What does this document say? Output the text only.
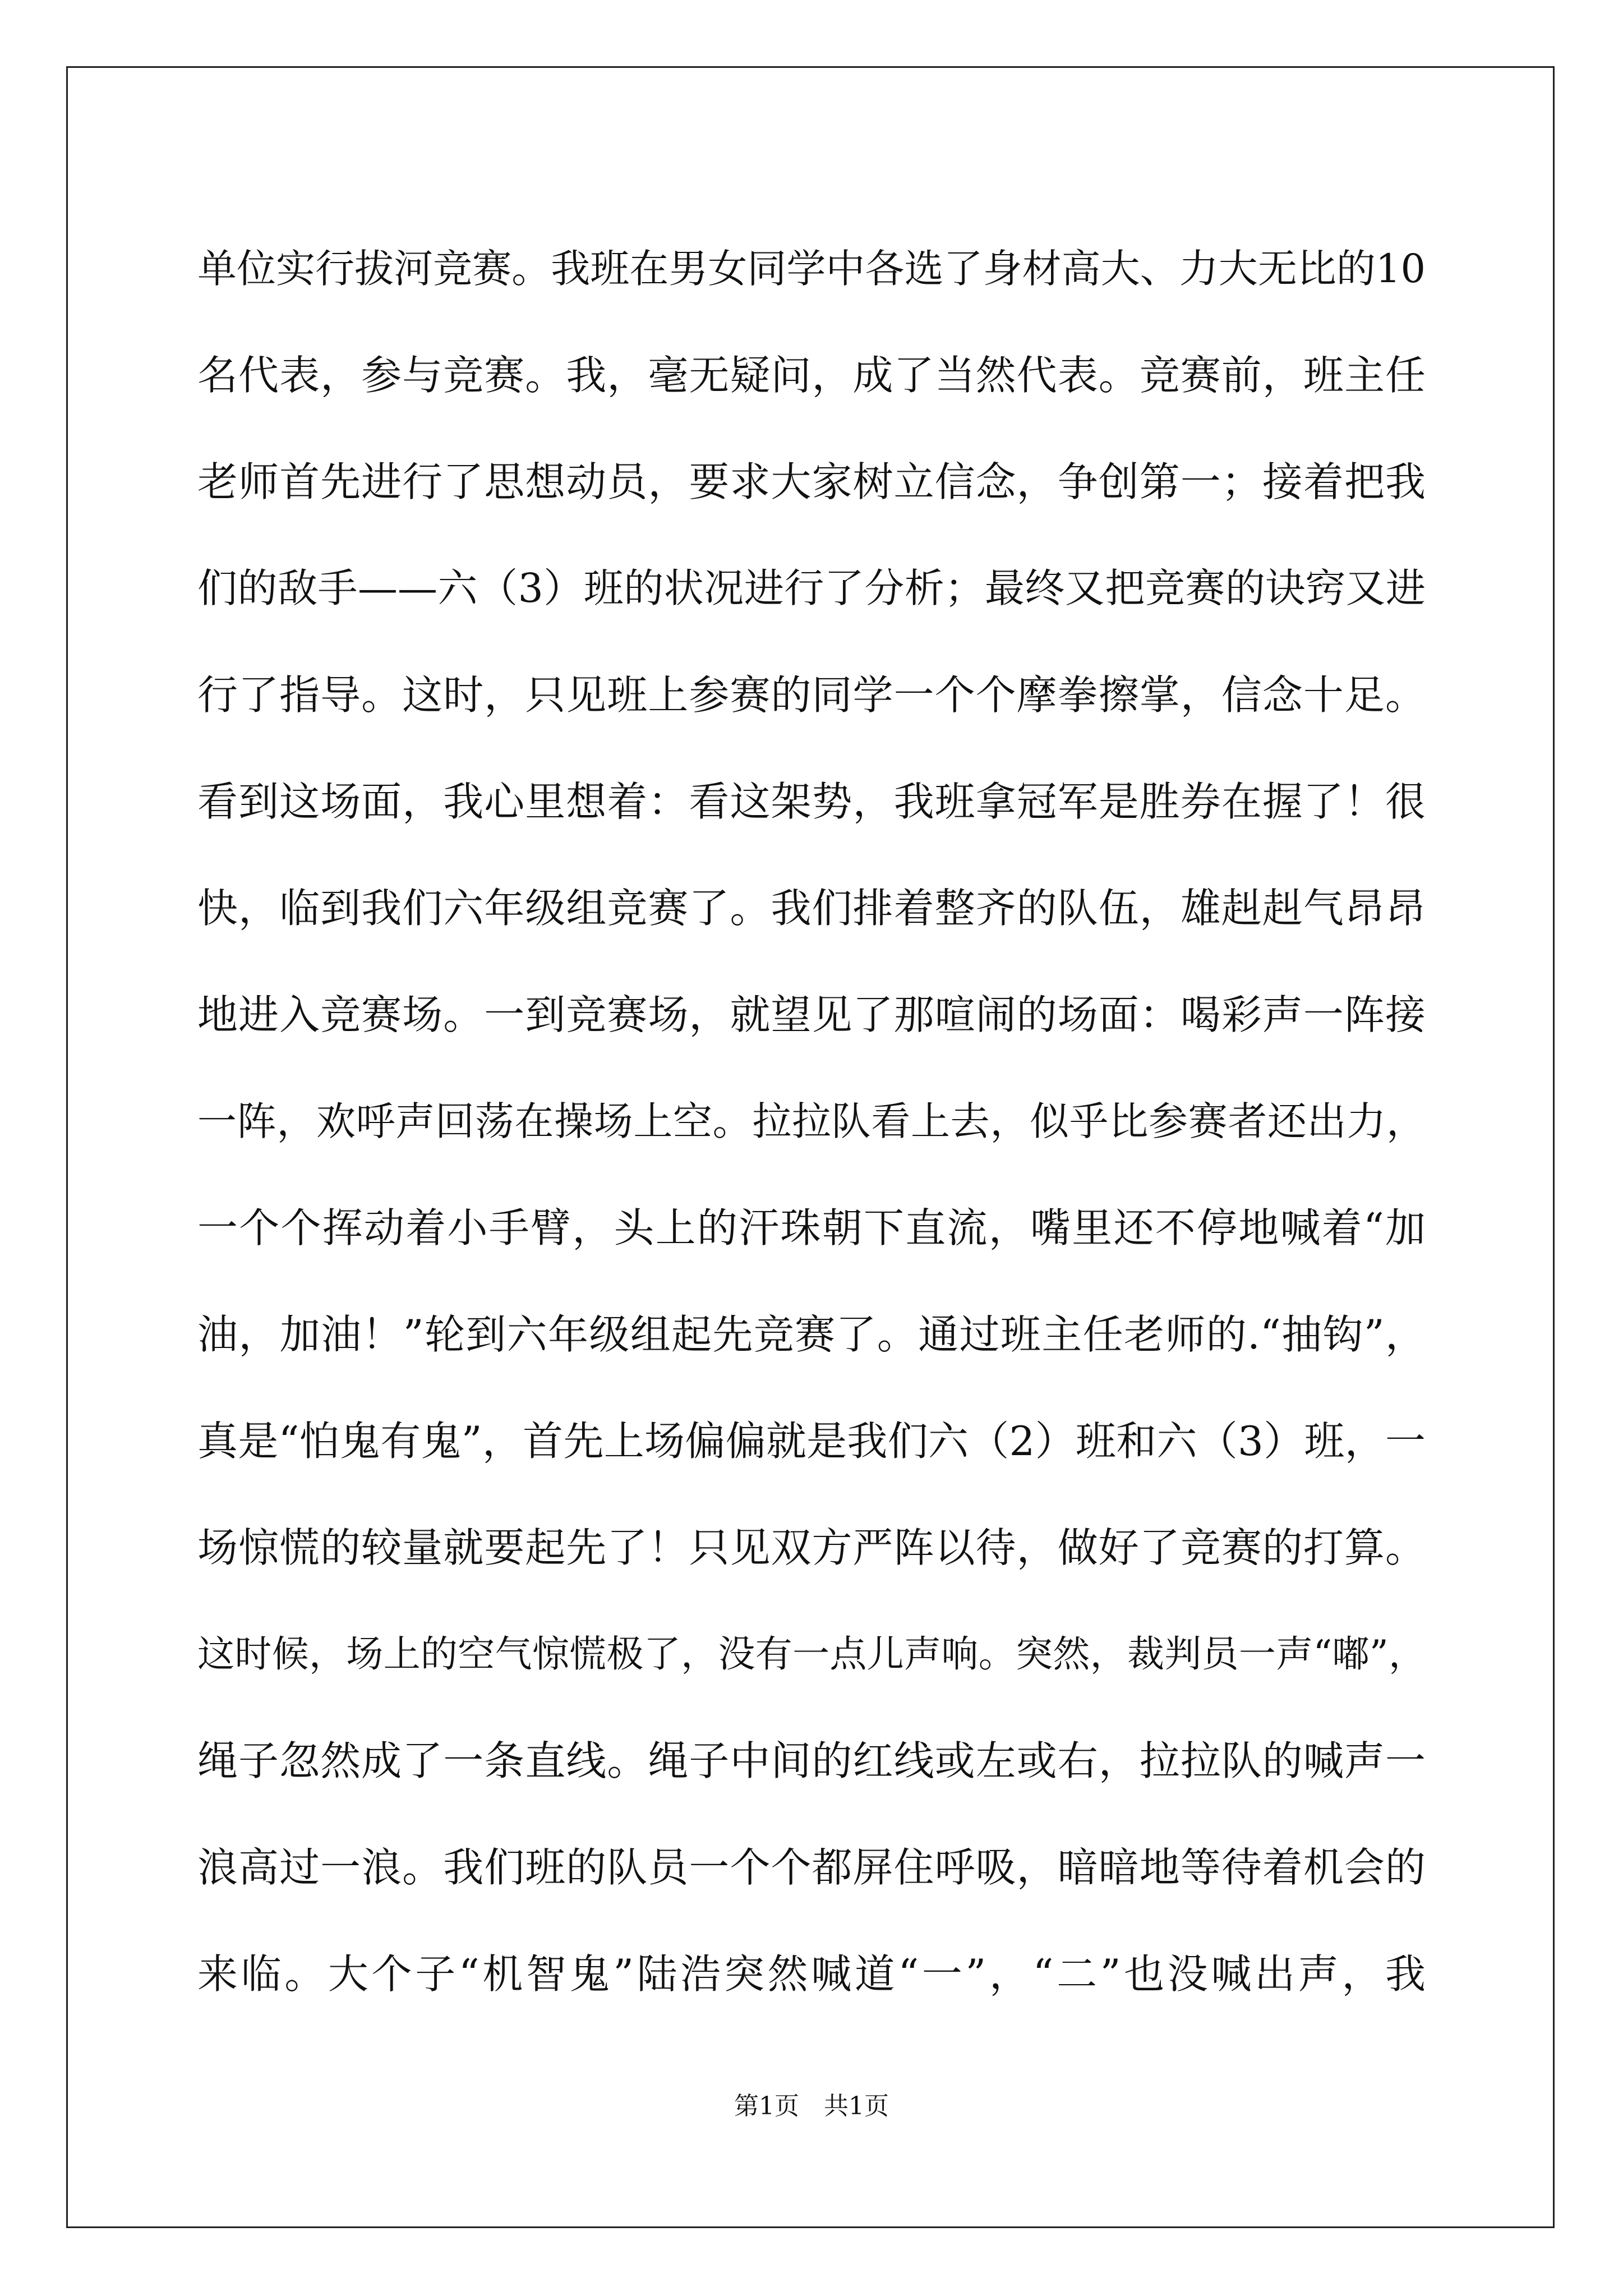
单位实行拔河竞赛。我班在男女同学中各选了身材高大、力大无比的10
名代表，参与竞赛。我，毫无疑问，成了当然代表。竞赛前，班主任
老师首先进行了思想动员，要求大家树立信念，争创第一；接着把我
们的敌手——六（3）班的状况进行了分析；最终又把竞赛的诀窍又进
行了指导。这时，只见班上参赛的同学一个个摩拳擦掌，信念十足。
看到这场面，我心里想着：看这架势，我班拿冠军是胜券在握了！很
快，临到我们六年级组竞赛了。我们排着整齐的队伍，雄赳赳气昂昂
地进入竞赛场。一到竞赛场，就望见了那喧闹的场面：喝彩声一阵接
一阵，欢呼声回荡在操场上空。拉拉队看上去，似乎比参赛者还出力，
一个个挥动着小手臂，头上的汗珠朝下直流，嘴里还不停地喊着“加
油，加油！”轮到六年级组起先竞赛了。通过班主任老师的.“抽钩”，
真是“怕鬼有鬼”，首先上场偏偏就是我们六（2）班和六（3）班，一
场惊慌的较量就要起先了！只见双方严阵以待，做好了竞赛的打算。
这时候，场上的空气惊慌极了，没有一点儿声响。突然，裁判员一声“嘟”，
绳子忽然成了一条直线。绳子中间的红线或左或右，拉拉队的喊声一
浪高过一浪。我们班的队员一个个都屏住呼吸，暗暗地等待着机会的
来临。大个子“机智鬼”陆浩突然喊道“一”，“二”也没喊出声，我
第1页　共1页
